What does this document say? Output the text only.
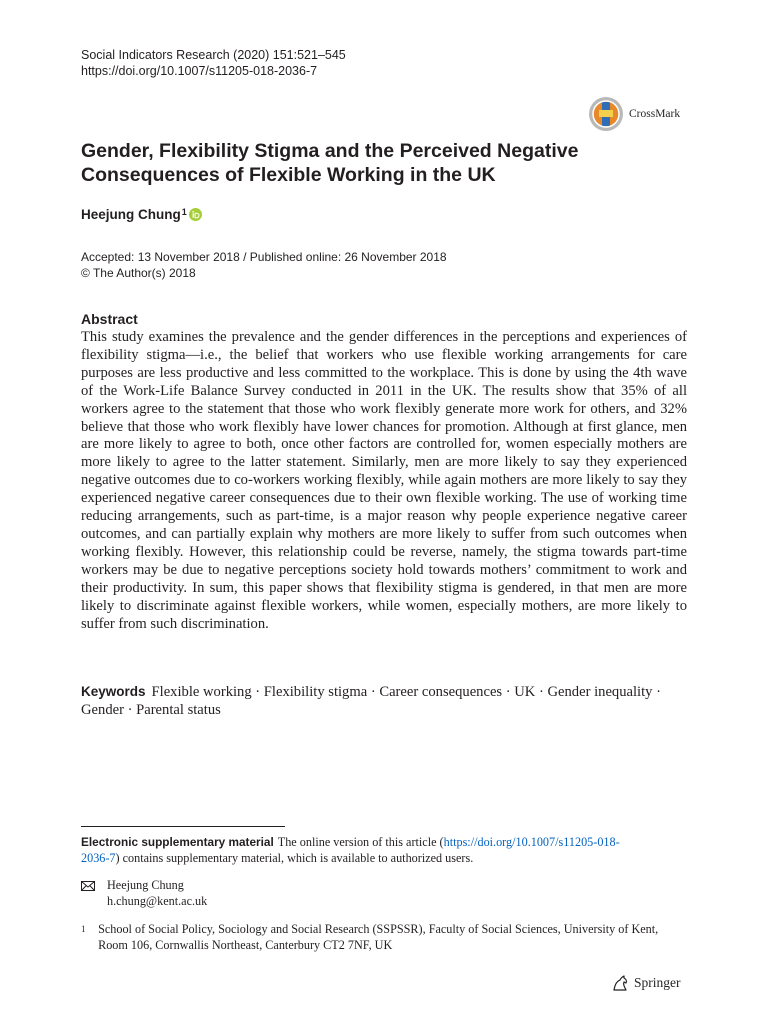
Social Indicators Research (2020) 151:521–545
https://doi.org/10.1007/s11205-018-2036-7
CrossMark
Gender, Flexibility Stigma and the Perceived Negative
Consequences of Flexible Working in the UK
Heejung Chung 1
Accepted: 13 November 2018 / Published online: 26 November 2018
© The Author(s) 2018
Abstract

This study examines the prevalence and the gender differences in the perceptions and experiences of flexibility stigma—i.e., the belief that workers who use flexible working arrangements for care purposes are less productive and less committed to the workplace. This is done by using the 4th wave of the Work-Life Balance Survey conducted in 2011 in the UK. The results show that 35% of all workers agree to the statement that those who work flexibly generate more work for others, and 32% believe that those who work flexibly have lower chances for promotion. Although at first glance, men are more likely to agree to both, once other factors are controlled for, women especially mothers are more likely to agree to the latter statement. Similarly, men are more likely to say they experienced negative outcomes due to co-workers working flexibly, while again mothers are more likely to say they experienced negative career consequences due to their own flexible working. The use of working time reducing arrangements, such as part-time, is a major reason why people experience negative career outcomes, and can partially explain why mothers are more likely to suffer from such outcomes when working flexibly. However, this relationship could be reverse, namely, the stigma towards part-time workers may be due to negative perceptions society hold towards mothers’ commitment to work and their productivity. In sum, this paper shows that flexibility stigma is gendered, in that men are more likely to discriminate against flexible workers, while women, especially mothers, are more likely to suffer from such discrimination.

Keywords Flexible working · Flexibility stigma · Career consequences · UK · Gender inequality · Gender · Parental status
Electronic supplementary material The online version of this article (https://doi.org/10.1007/s11205-018-2036-7) contains supplementary material, which is available to authorized users.
Heejung Chung
h.chung@kent.ac.uk
1	School of Social Policy, Sociology and Social Research (SSPSSR), Faculty of Social Sciences, University of Kent, Room 106, Cornwallis Northeast, Canterbury CT2 7NF, UK
Springer
